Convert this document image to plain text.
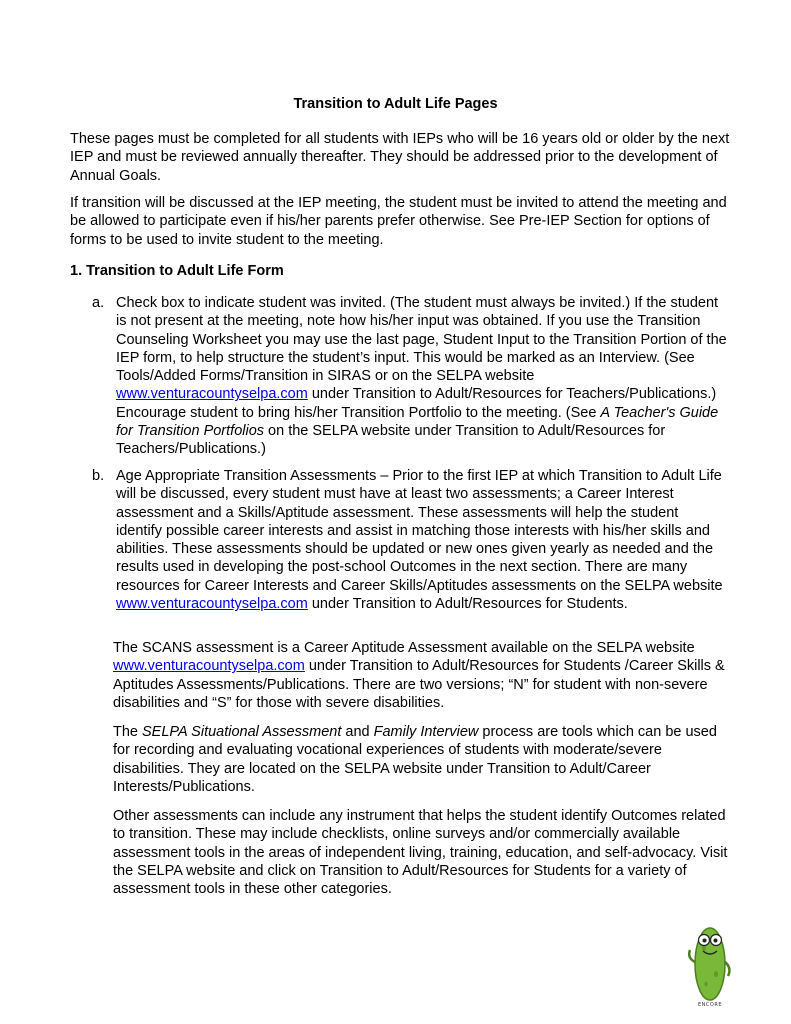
Transition to Adult Life Pages
These pages must be completed for all students with IEPs who will be 16 years old or older by the next IEP and must be reviewed annually thereafter. They should be addressed prior to the development of Annual Goals.
If transition will be discussed at the IEP meeting, the student must be invited to attend the meeting and be allowed to participate even if his/her parents prefer otherwise. See Pre-IEP Section for options of forms to be used to invite student to the meeting.
1. Transition to Adult Life Form
a. Check box to indicate student was invited. (The student must always be invited.) If the student is not present at the meeting, note how his/her input was obtained. If you use the Transition Counseling Worksheet you may use the last page, Student Input to the Transition Portion of the IEP form, to help structure the student’s input. This would be marked as an Interview. (See Tools/Added Forms/Transition in SIRAS or on the SELPA website www.venturacountyselpa.com under Transition to Adult/Resources for Teachers/Publications.) Encourage student to bring his/her Transition Portfolio to the meeting. (See A Teacher's Guide for Transition Portfolios on the SELPA website under Transition to Adult/Resources for Teachers/Publications.)
b. Age Appropriate Transition Assessments – Prior to the first IEP at which Transition to Adult Life will be discussed, every student must have at least two assessments; a Career Interest assessment and a Skills/Aptitude assessment. These assessments will help the student identify possible career interests and assist in matching those interests with his/her skills and abilities. These assessments should be updated or new ones given yearly as needed and the results used in developing the post-school Outcomes in the next section. There are many resources for Career Interests and Career Skills/Aptitudes assessments on the SELPA website www.venturacountyselpa.com under Transition to Adult/Resources for Students.
The SCANS assessment is a Career Aptitude Assessment available on the SELPA website www.venturacountyselpa.com under Transition to Adult/Resources for Students /Career Skills & Aptitudes Assessments/Publications. There are two versions; “N” for student with non-severe disabilities and “S” for those with severe disabilities.
The SELPA Situational Assessment and Family Interview process are tools which can be used for recording and evaluating vocational experiences of students with moderate/severe disabilities. They are located on the SELPA website under Transition to Adult/Career Interests/Publications.
Other assessments can include any instrument that helps the student identify Outcomes related to transition. These may include checklists, online surveys and/or commercially available assessment tools in the areas of independent living, training, education, and self-advocacy. Visit the SELPA website and click on Transition to Adult/Resources for Students for a variety of assessment tools in these other categories.
ENCORE
